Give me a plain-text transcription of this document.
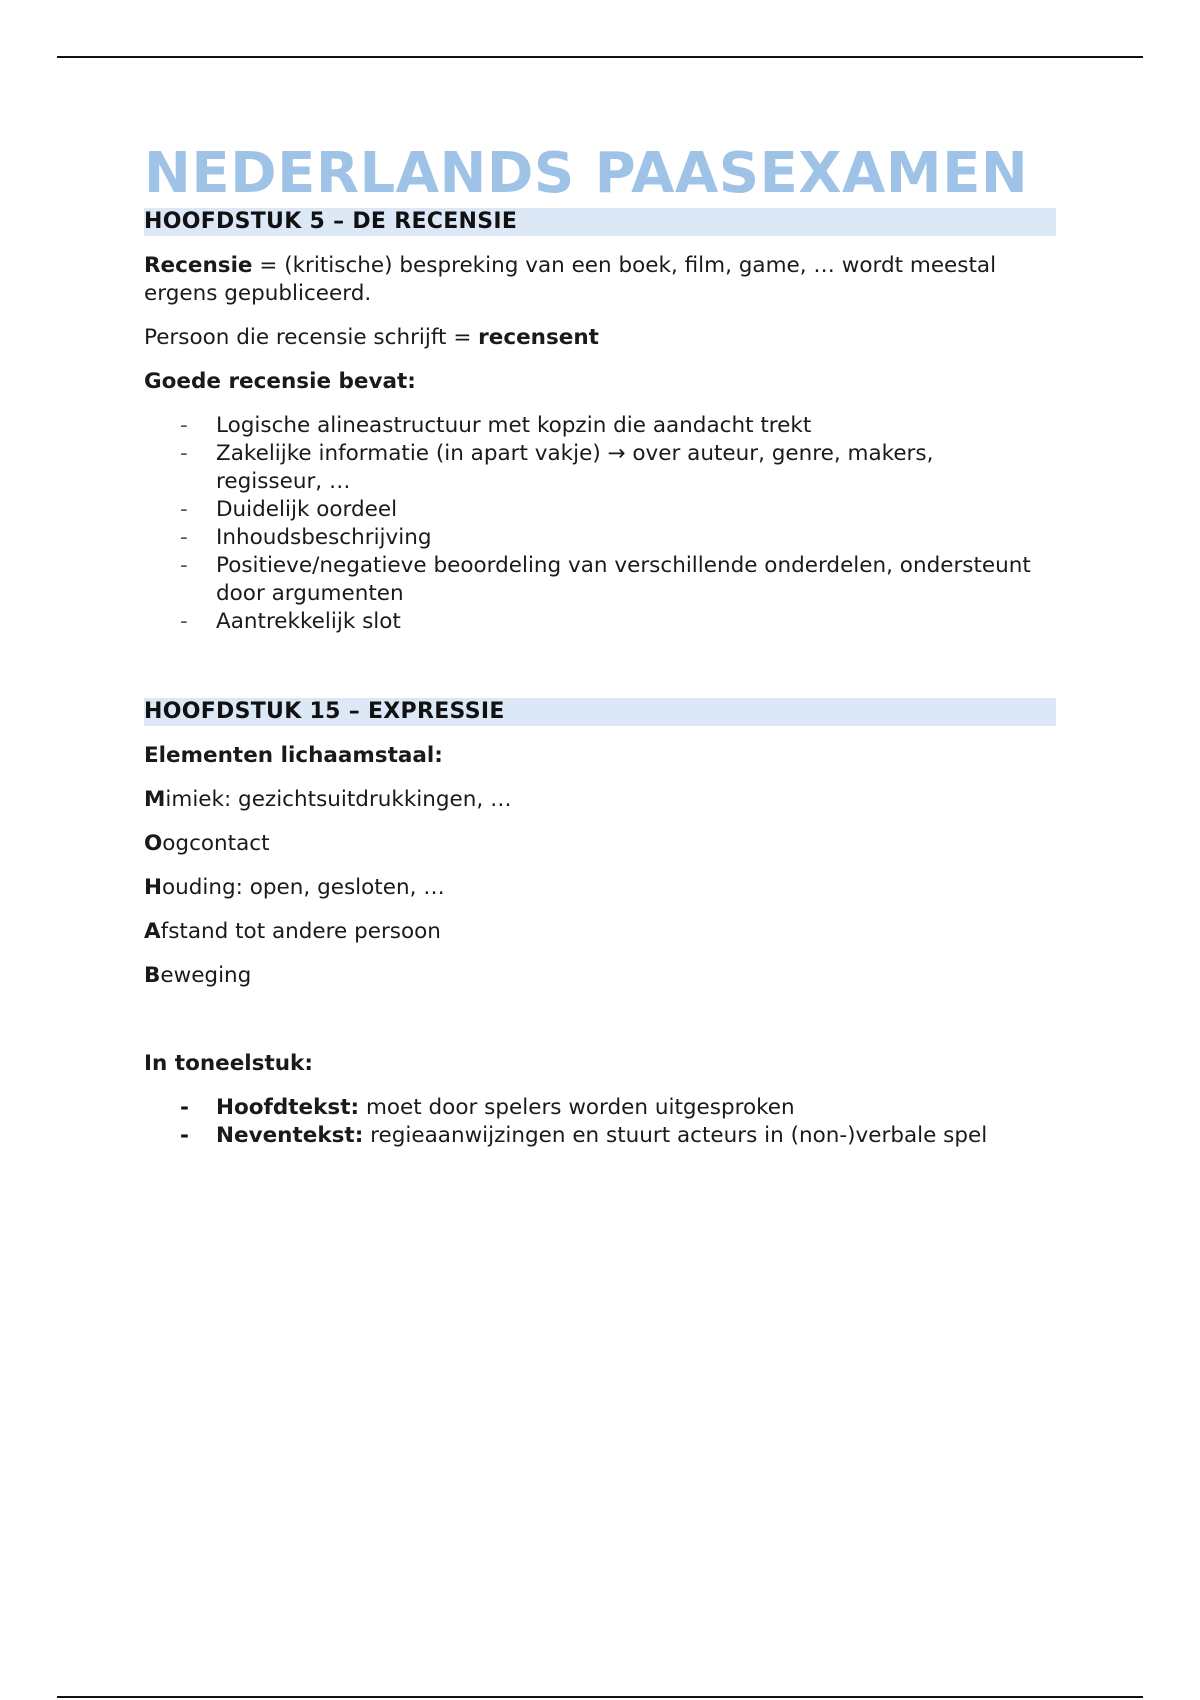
NEDERLANDS PAASEXAMEN
HOOFDSTUK 5 – DE RECENSIE

Recensie = (kritische) bespreking van een boek, film, game, … wordt meestal
ergens gepubliceerd.

Persoon die recensie schrijft = recensent

Goede recensie bevat:

- Logische alineastructuur met kopzin die aandacht trekt
- Zakelijke informatie (in apart vakje) → over auteur, genre, makers,
regisseur, …
- Duidelijk oordeel
- Inhoudsbeschrijving
- Positieve/negatieve beoordeling van verschillende onderdelen, ondersteunt
door argumenten
- Aantrekkelijk slot
HOOFDSTUK 15 – EXPRESSIE

Elementen lichaamstaal:

Mimiek: gezichtsuitdrukkingen, …

Oogcontact

Houding: open, gesloten, …

Afstand tot andere persoon

Beweging

In toneelstuk:

- Hoofdtekst: moet door spelers worden uitgesproken
- Neventekst: regieaanwijzingen en stuurt acteurs in (non-)verbale spel
